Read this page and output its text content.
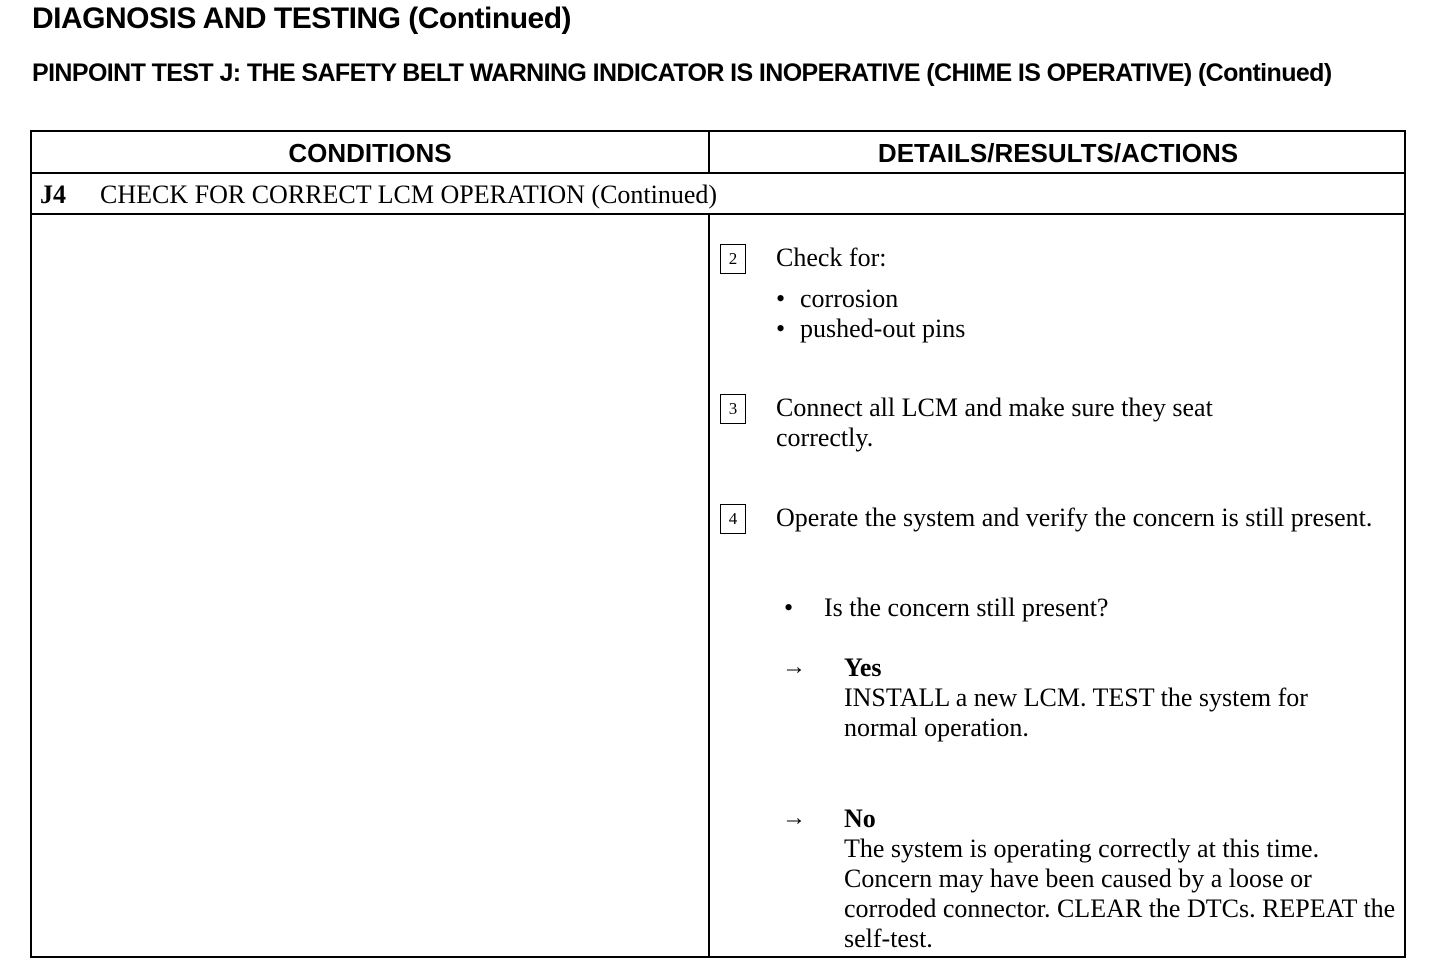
DIAGNOSIS AND TESTING (Continued)
PINPOINT TEST J: THE SAFETY BELT WARNING INDICATOR IS INOPERATIVE (CHIME IS OPERATIVE) (Continued)
CONDITIONS	DETAILS/RESULTS/ACTIONS
J4 CHECK FOR CORRECT LCM OPERATION (Continued)
2	Check for:
• corrosion
• pushed-out pins
3	Connect all LCM and make sure they seat correctly.
4	Operate the system and verify the concern is still present.
• Is the concern still present?
→ Yes
INSTALL a new LCM. TEST the system for normal operation.
→ No
The system is operating correctly at this time. Concern may have been caused by a loose or corroded connector. CLEAR the DTCs. REPEAT the self-test.
